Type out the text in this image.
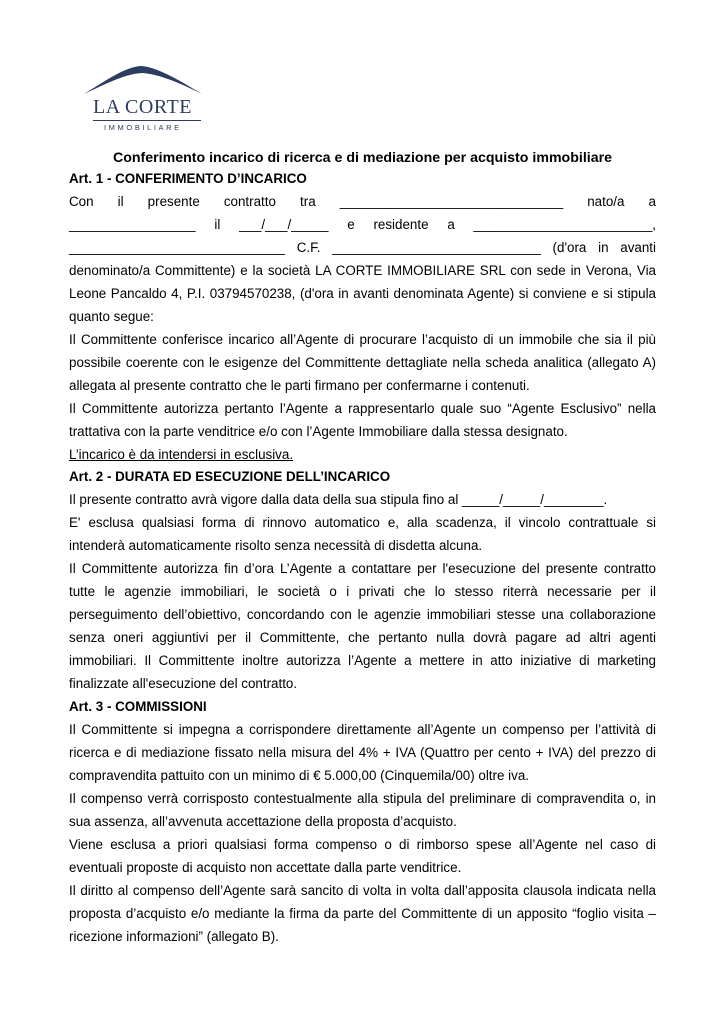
LA CORTE
IMMOBILIARE

Conferimento incarico di ricerca e di mediazione per acquisto immobiliare

Art. 1 - CONFERIMENTO D’INCARICO

Con il presente contratto tra ______________________________ nato/a a
_________________ il ___/___/_____ e residente a ________________________,
_____________________________ C.F. ____________________________ (d'ora in avanti

denominato/a Committente) e la società LA CORTE IMMOBILIARE SRL con sede in Verona, Via Leone Pancaldo 4, P.I. 03794570238, (d'ora in avanti denominata Agente) si conviene e si stipula quanto segue:

Il Committente conferisce incarico all’Agente di procurare l’acquisto di un immobile che sia il più possibile coerente con le esigenze del Committente dettagliate nella scheda analitica (allegato A) allegata al presente contratto che le parti firmano per confermarne i contenuti.

Il Committente autorizza pertanto l’Agente a rappresentarlo quale suo “Agente Esclusivo” nella trattativa con la parte venditrice e/o con l’Agente Immobiliare dalla stessa designato.

L’incarico è da intendersi in esclusiva.

Art. 2 - DURATA ED ESECUZIONE DELL’INCARICO

Il presente contratto avrà vigore dalla data della sua stipula fino al _____/_____/________.

E' esclusa qualsiasi forma di rinnovo automatico e, alla scadenza, il vincolo contrattuale si intenderà automaticamente risolto senza necessità di disdetta alcuna.

Il Committente autorizza fin d’ora L’Agente a contattare per l'esecuzione del presente contratto tutte le agenzie immobiliari, le società o i privati che lo stesso riterrà necessarie per il perseguimento dell’obiettivo, concordando con le agenzie immobiliari stesse una collaborazione senza oneri aggiuntivi per il Committente, che pertanto nulla dovrà pagare ad altri agenti immobiliari. Il Committente inoltre autorizza l’Agente a mettere in atto iniziative di marketing finalizzate all'esecuzione del contratto.

Art. 3 - COMMISSIONI

Il Committente si impegna a corrispondere direttamente all’Agente un compenso per l’attività di ricerca e di mediazione fissato nella misura del 4% + IVA (Quattro per cento + IVA) del prezzo di compravendita pattuito con un minimo di € 5.000,00 (Cinquemila/00) oltre iva.

Il compenso verrà corrisposto contestualmente alla stipula del preliminare di compravendita o, in sua assenza, all’avvenuta accettazione della proposta d’acquisto.

Viene esclusa a priori qualsiasi forma compenso o di rimborso spese all’Agente nel caso di eventuali proposte di acquisto non accettate dalla parte venditrice.

Il diritto al compenso dell’Agente sarà sancito di volta in volta dall’apposita clausola indicata nella proposta d’acquisto e/o mediante la firma da parte del Committente di un apposito “foglio visita – ricezione informazioni” (allegato B).
